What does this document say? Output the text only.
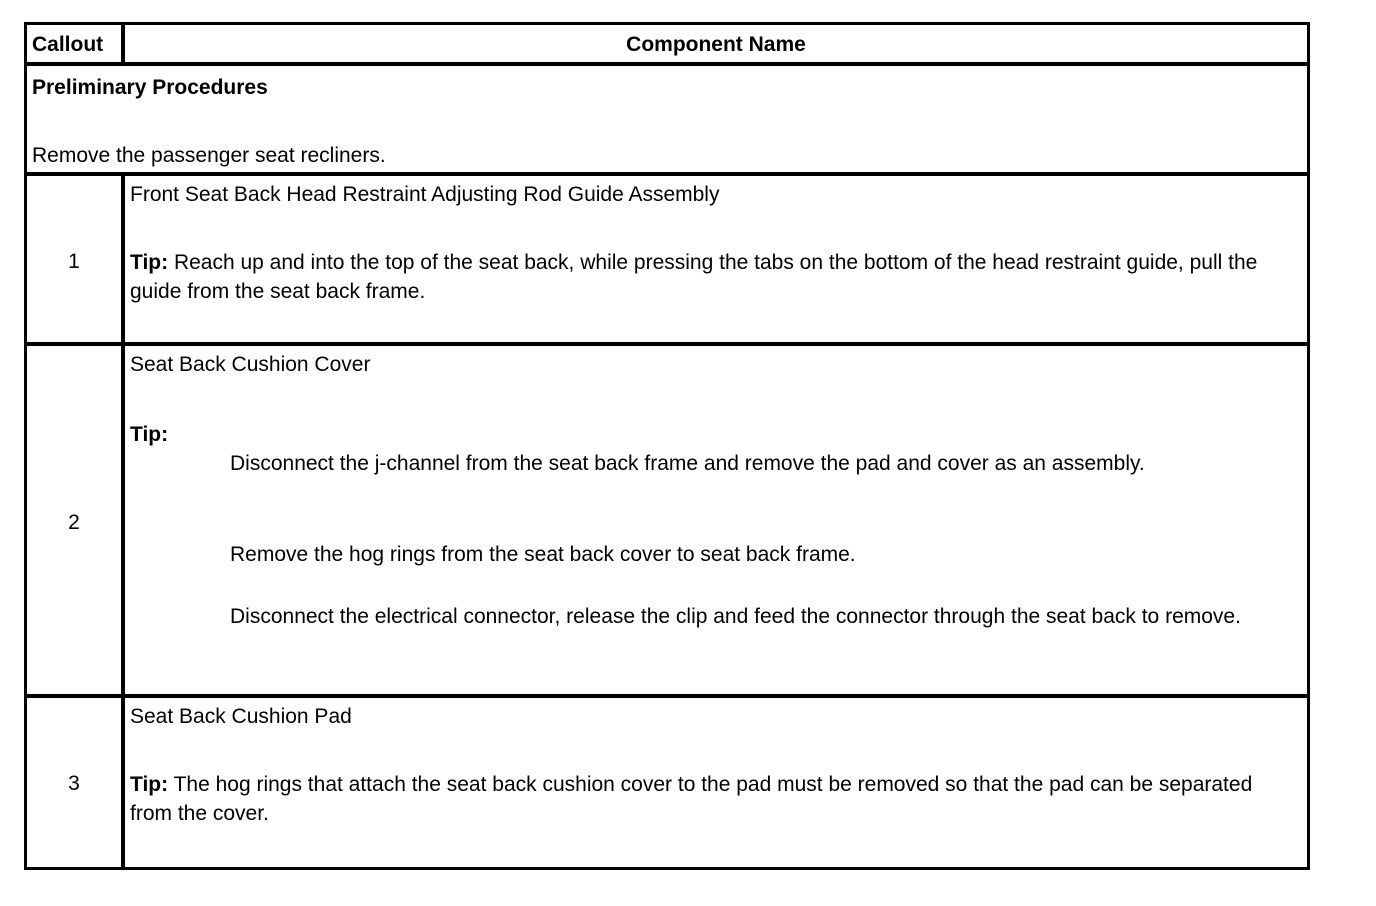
Callout	Component Name
Preliminary Procedures
Remove the passenger seat recliners.
1
Front Seat Back Head Restraint Adjusting Rod Guide Assembly
Tip: Reach up and into the top of the seat back, while pressing the tabs on the bottom of the head restraint guide, pull the guide from the seat back frame.
2
Seat Back Cushion Cover
Tip:
Disconnect the j-channel from the seat back frame and remove the pad and cover as an assembly.
Remove the hog rings from the seat back cover to seat back frame.
Disconnect the electrical connector, release the clip and feed the connector through the seat back to remove.
3
Seat Back Cushion Pad
Tip: The hog rings that attach the seat back cushion cover to the pad must be removed so that the pad can be separated from the cover.
